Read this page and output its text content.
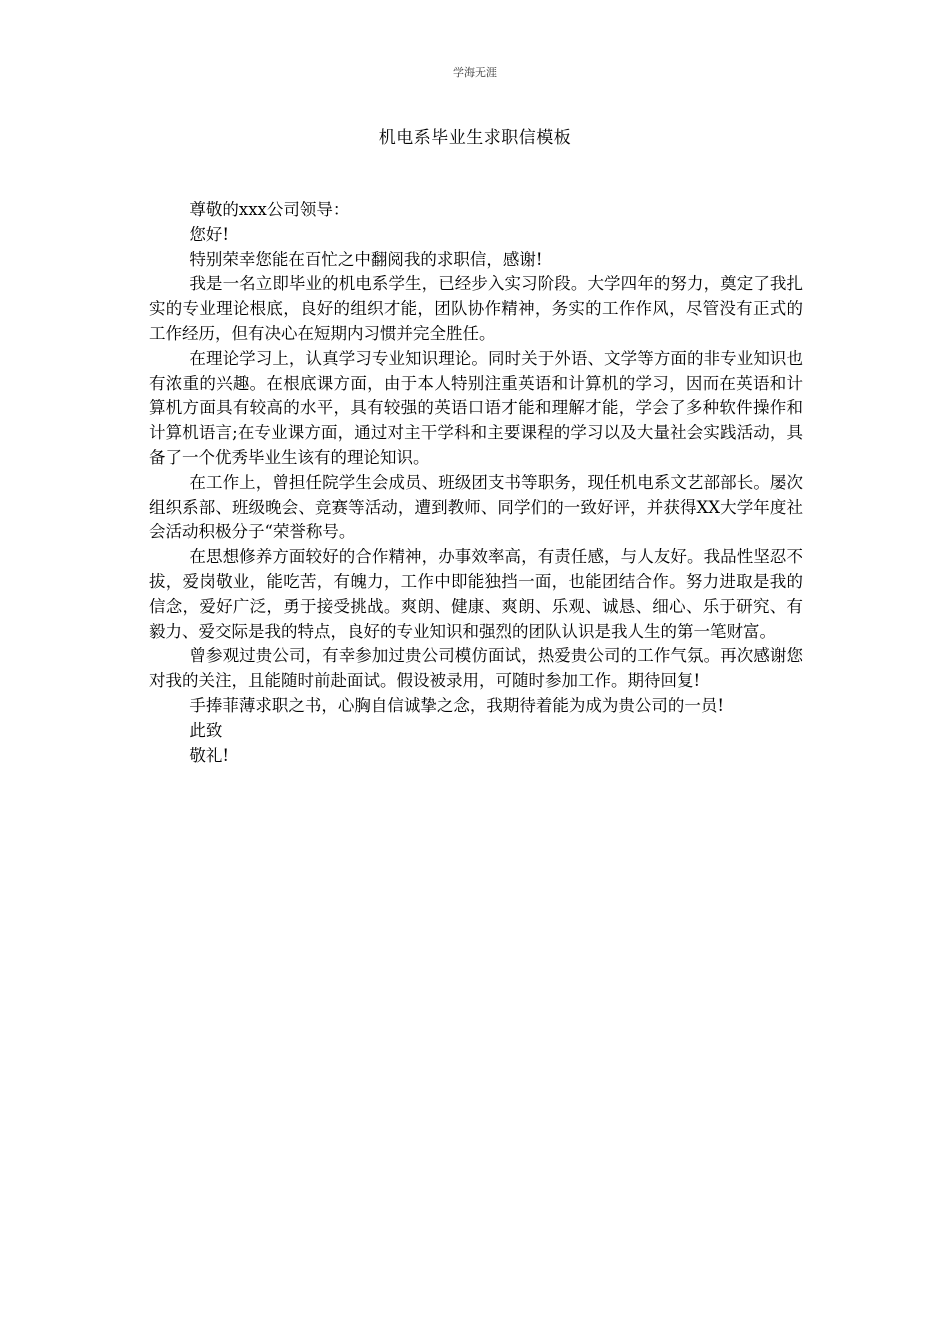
学海无涯
机电系毕业生求职信模板

尊敬的xxx公司领导：

您好!

特别荣幸您能在百忙之中翻阅我的求职信，感谢!

我是一名立即毕业的机电系学生，已经步入实习阶段。大学四年的努力，奠定了我扎实的专业理论根底，良好的组织才能，团队协作精神，务实的工作作风，尽管没有正式的工作经历，但有决心在短期内习惯并完全胜任。

在理论学习上，认真学习专业知识理论。同时关于外语、文学等方面的非专业知识也有浓重的兴趣。在根底课方面，由于本人特别注重英语和计算机的学习，因而在英语和计算机方面具有较高的水平，具有较强的英语口语才能和理解才能，学会了多种软件操作和计算机语言;在专业课方面，通过对主干学科和主要课程的学习以及大量社会实践活动，具备了一个优秀毕业生该有的理论知识。

在工作上，曾担任院学生会成员、班级团支书等职务，现任机电系文艺部部长。屡次组织系部、班级晚会、竞赛等活动，遭到教师、同学们的一致好评，并获得XX大学年度社会活动积极分子“荣誉称号。

在思想修养方面较好的合作精神，办事效率高，有责任感，与人友好。我品性坚忍不拔，爱岗敬业，能吃苦，有魄力，工作中即能独挡一面，也能团结合作。努力进取是我的信念，爱好广泛，勇于接受挑战。爽朗、健康、爽朗、乐观、诚恳、细心、乐于研究、有毅力、爱交际是我的特点，良好的专业知识和强烈的团队认识是我人生的第一笔财富。

曾参观过贵公司，有幸参加过贵公司模仿面试，热爱贵公司的工作气氛。再次感谢您对我的关注，且能随时前赴面试。假设被录用，可随时参加工作。期待回复!

手捧菲薄求职之书，心胸自信诚挚之念，我期待着能为成为贵公司的一员!

此致

敬礼!
